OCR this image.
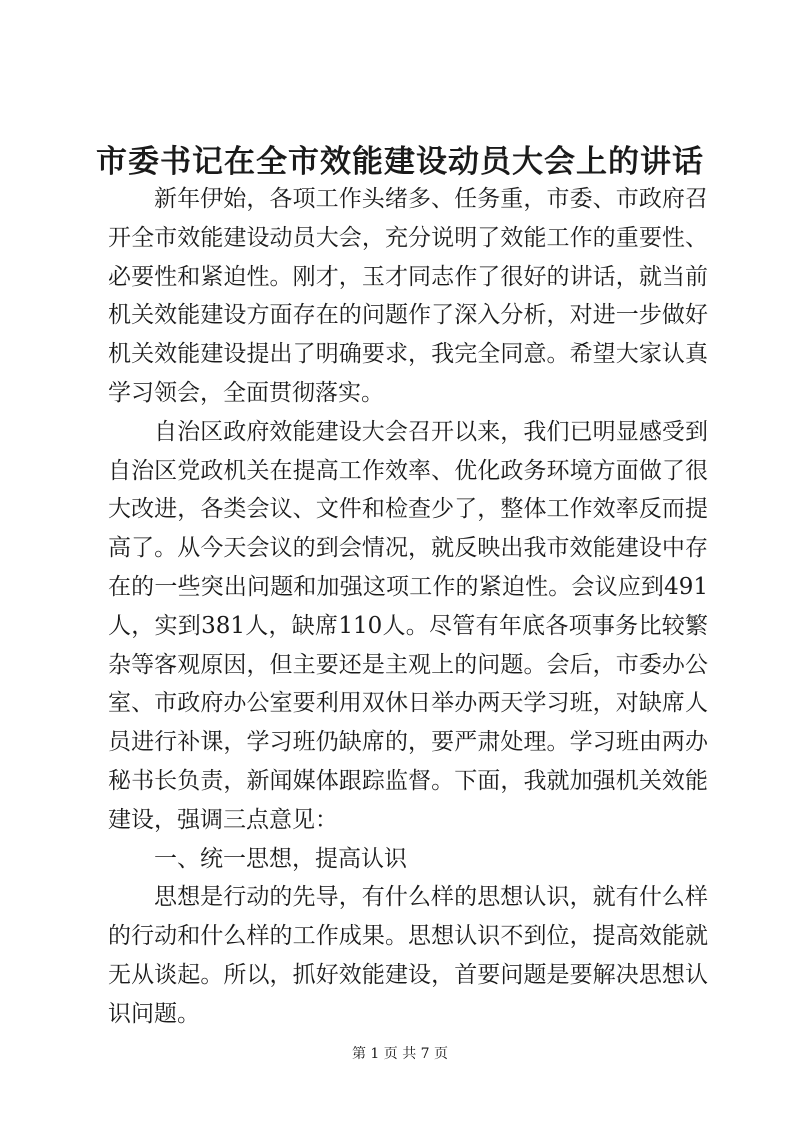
市委书记在全市效能建设动员大会上的讲话

新年伊始，各项工作头绪多、任务重，市委、市政府召开全市效能建设动员大会，充分说明了效能工作的重要性、必要性和紧迫性。刚才，玉才同志作了很好的讲话，就当前机关效能建设方面存在的问题作了深入分析，对进一步做好机关效能建设提出了明确要求，我完全同意。希望大家认真学习领会，全面贯彻落实。

自治区政府效能建设大会召开以来，我们已明显感受到自治区党政机关在提高工作效率、优化政务环境方面做了很大改进，各类会议、文件和检查少了，整体工作效率反而提高了。从今天会议的到会情况，就反映出我市效能建设中存在的一些突出问题和加强这项工作的紧迫性。会议应到491人，实到381人，缺席110人。尽管有年底各项事务比较繁杂等客观原因，但主要还是主观上的问题。会后，市委办公室、市政府办公室要利用双休日举办两天学习班，对缺席人员进行补课，学习班仍缺席的，要严肃处理。学习班由两办秘书长负责，新闻媒体跟踪监督。下面，我就加强机关效能建设，强调三点意见：

一、统一思想，提高认识

思想是行动的先导，有什么样的思想认识，就有什么样的行动和什么样的工作成果。思想认识不到位，提高效能就无从谈起。所以，抓好效能建设，首要问题是要解决思想认识问题。

第 1 页 共 7 页
